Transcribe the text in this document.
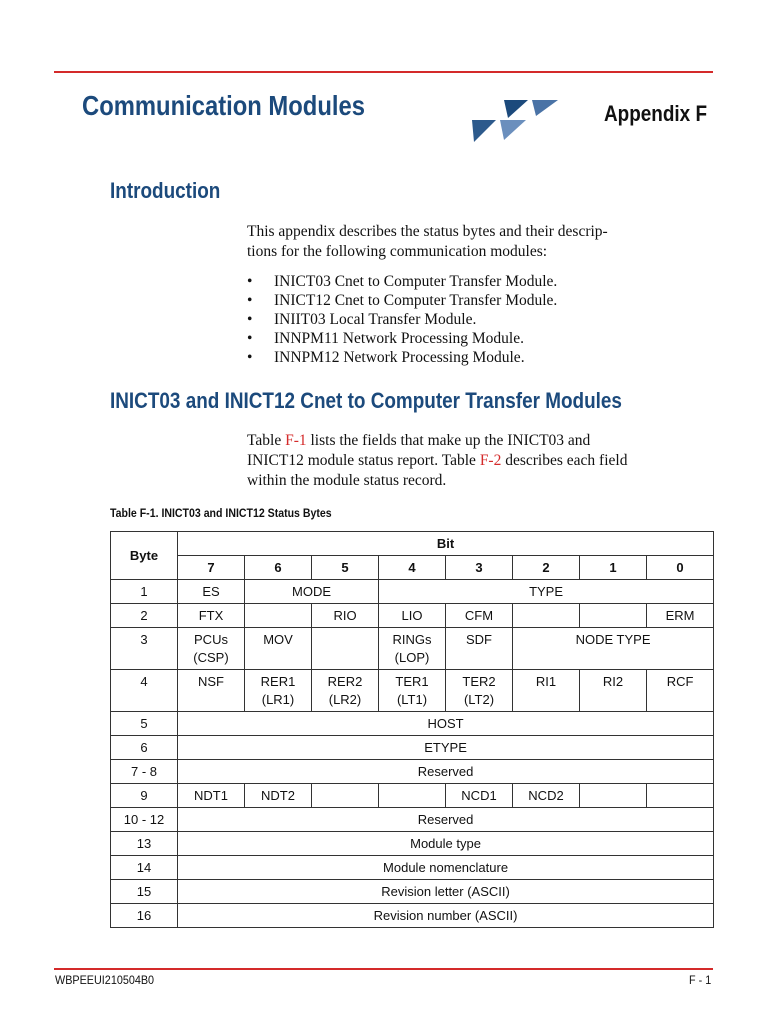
Communication Modules	Appendix F
Introduction

This appendix describes the status bytes and their descrip-
tions for the following communication modules:

• INICT03 Cnet to Computer Transfer Module.
• INICT12 Cnet to Computer Transfer Module.
• INIIT03 Local Transfer Module.
• INNPM11 Network Processing Module.
• INNPM12 Network Processing Module.
INICT03 and INICT12 Cnet to Computer Transfer Modules

Table F-1 lists the fields that make up the INICT03 and
INICT12 module status report. Table F-2 describes each field
within the module status record.

Table F-1. INICT03 and INICT12 Status Bytes

Byte	Bit							
	7	6	5	4	3	2	1	0
1	ES	MODE		TYPE				
2	FTX		RIO	LIO	CFM			ERM
3	PCUs
(CSP)	MOV		RINGs
(LOP)	SDF	NODE TYPE		
4	NSF	RER1
(LR1)	RER2
(LR2)	TER1
(LT1)	TER2
(LT2)	RI1	RI2	RCF
5	HOST							
6	ETYPE							
7 - 8	Reserved							
9	NDT1	NDT2			NCD1	NCD2		
10 - 12	Reserved							
13	Module type							
14	Module nomenclature							
15	Revision letter (ASCII)							
16	Revision number (ASCII)							

WBPEEUI210504B0	F - 1
